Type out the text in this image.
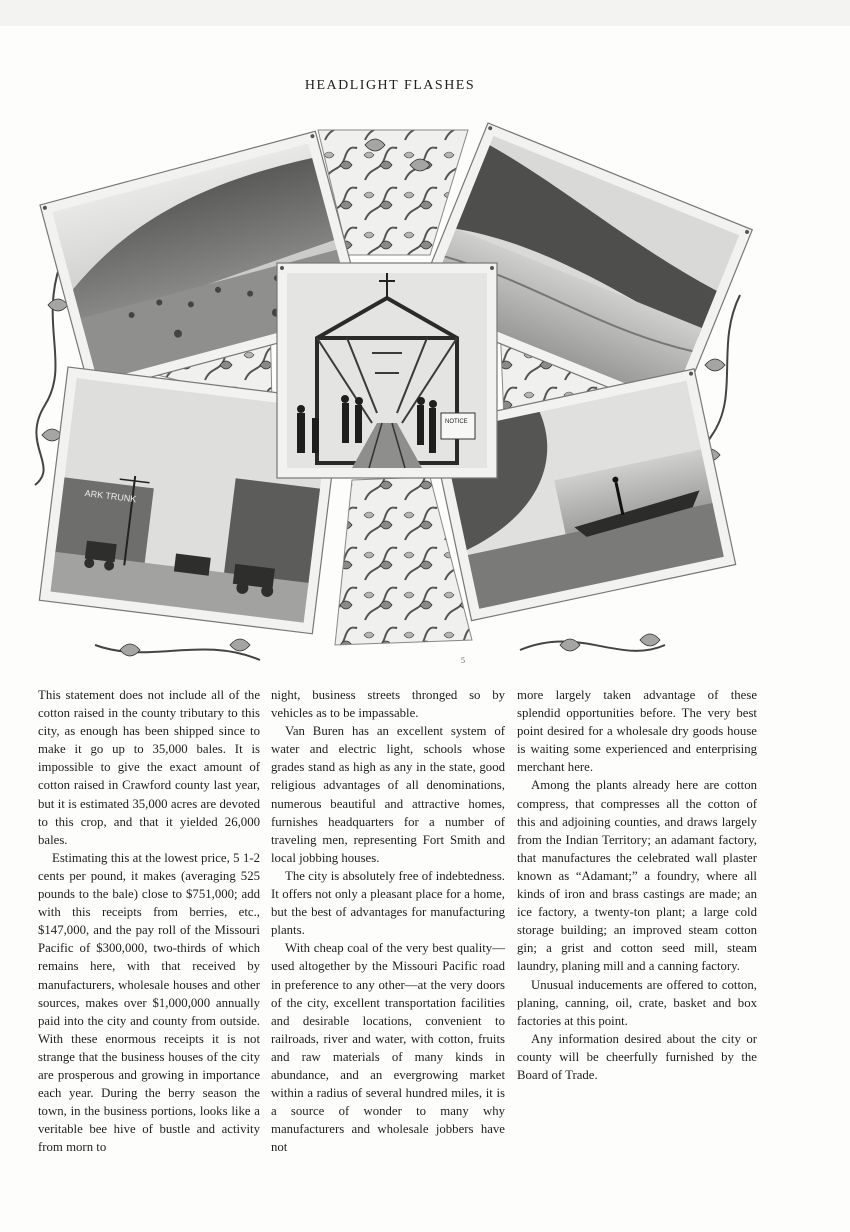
HEADLIGHT FLASHES
ARK TRUNK
NOTICE
5

This statement does not include all of the cotton raised in the county tributary to this city, as enough has been shipped since to make it go up to 35,000 bales. It is impossible to give the exact amount of cotton raised in Crawford county last year, but it is estimated 35,000 acres are devoted to this crop, and that it yielded 26,000 bales.

Estimating this at the lowest price, 5 1-2 cents per pound, it makes (averaging 525 pounds to the bale) close to $751,000; add with this receipts from berries, etc., $147,000, and the pay roll of the Missouri Pacific of $300,000, two-thirds of which remains here, with that received by manufacturers, wholesale houses and other sources, makes over $1,000,000 annually paid into the city and county from outside. With these enormous receipts it is not strange that the business houses of the city are prosperous and growing in importance each year. During the berry season the town, in the business portions, looks like a veritable bee hive of bustle and activity from morn to

night, business streets thronged so by vehicles as to be impassable.

Van Buren has an excellent system of water and electric light, schools whose grades stand as high as any in the state, good religious advantages of all denominations, numerous beautiful and attractive homes, furnishes headquarters for a number of traveling men, representing Fort Smith and local jobbing houses.

The city is absolutely free of indebtedness. It offers not only a pleasant place for a home, but the best of advantages for manufacturing plants.

With cheap coal of the very best quality—used altogether by the Missouri Pacific road in preference to any other—at the very doors of the city, excellent transportation facilities and desirable locations, convenient to railroads, river and water, with cotton, fruits and raw materials of many kinds in abundance, and an evergrowing market within a radius of several hundred miles, it is a source of wonder to many why manufacturers and wholesale jobbers have not

more largely taken advantage of these splendid opportunities before. The very best point desired for a wholesale dry goods house is waiting some experienced and enterprising merchant here.

Among the plants already here are cotton compress, that compresses all the cotton of this and adjoining counties, and draws largely from the Indian Territory; an adamant factory, that manufactures the celebrated wall plaster known as “Adamant;” a foundry, where all kinds of iron and brass castings are made; an ice factory, a twenty-ton plant; a large cold storage building; an improved steam cotton gin; a grist and cotton seed mill, steam laundry, planing mill and a canning factory.

Unusual inducements are offered to cotton, planing, canning, oil, crate, basket and box factories at this point.

Any information desired about the city or county will be cheerfully furnished by the Board of Trade.
